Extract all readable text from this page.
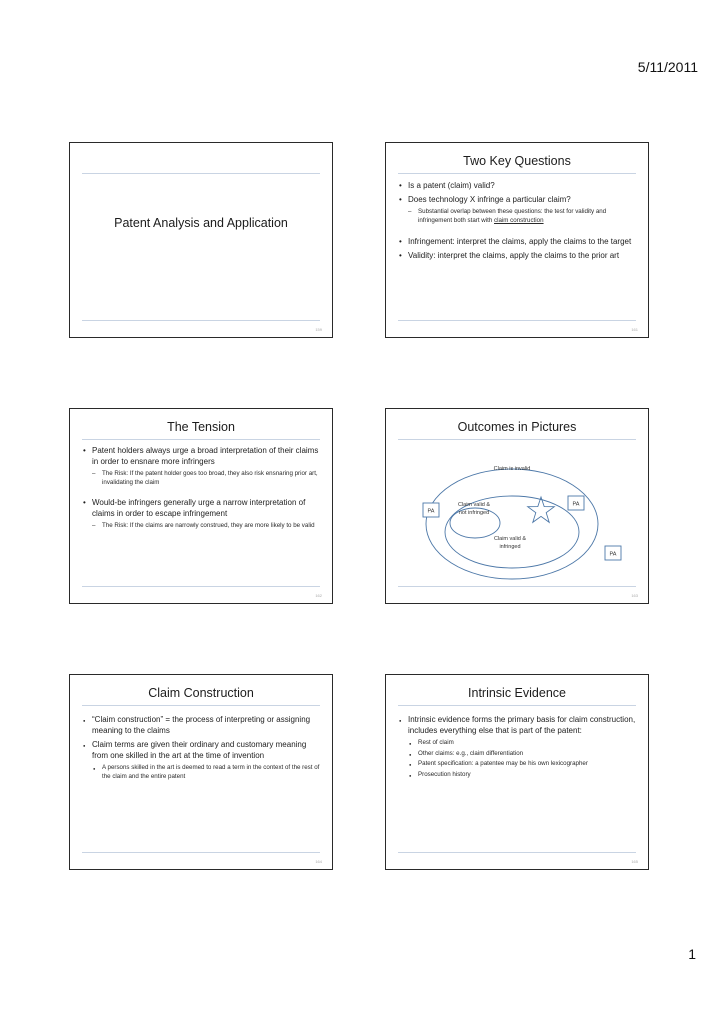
5/11/2011
Patent Analysis and Application
159
Two Key Questions
• Is a patent (claim) valid?
• Does technology X infringe a particular claim?
– Substantial overlap between these questions: the test for validity and infringement both start with claim construction
• Infringement: interpret the claims, apply the claims to the target
• Validity: interpret the claims, apply the claims to the prior art
161
The Tension
• Patent holders always urge a broad interpretation of their claims in order to ensnare more infringers
– The Risk: If the patent holder goes too broad, they also risk ensnaring prior art, invalidating the claim
• Would-be infringers generally urge a narrow interpretation of claims in order to escape infringement
– The Risk: If the claims are narrowly construed, they are more likely to be valid
162
Outcomes in Pictures
Claim is invalid
Claim valid &
not infringed
Claim valid &
infringed
PA
PA
PA
163
Claim Construction
● “Claim construction” = the process of interpreting or assigning meaning to the claims
● Claim terms are given their ordinary and customary meaning from one skilled in the art at the time of invention
● A persons skilled in the art is deemed to read a term in the context of the rest of the claim and the entire patent
164
Intrinsic Evidence
● Intrinsic evidence forms the primary basis for claim construction, includes everything else that is part of the patent:
● Rest of claim
● Other claims: e.g., claim differentiation
● Patent specification: a patentee may be his own lexicographer
● Prosecution history
165
1
